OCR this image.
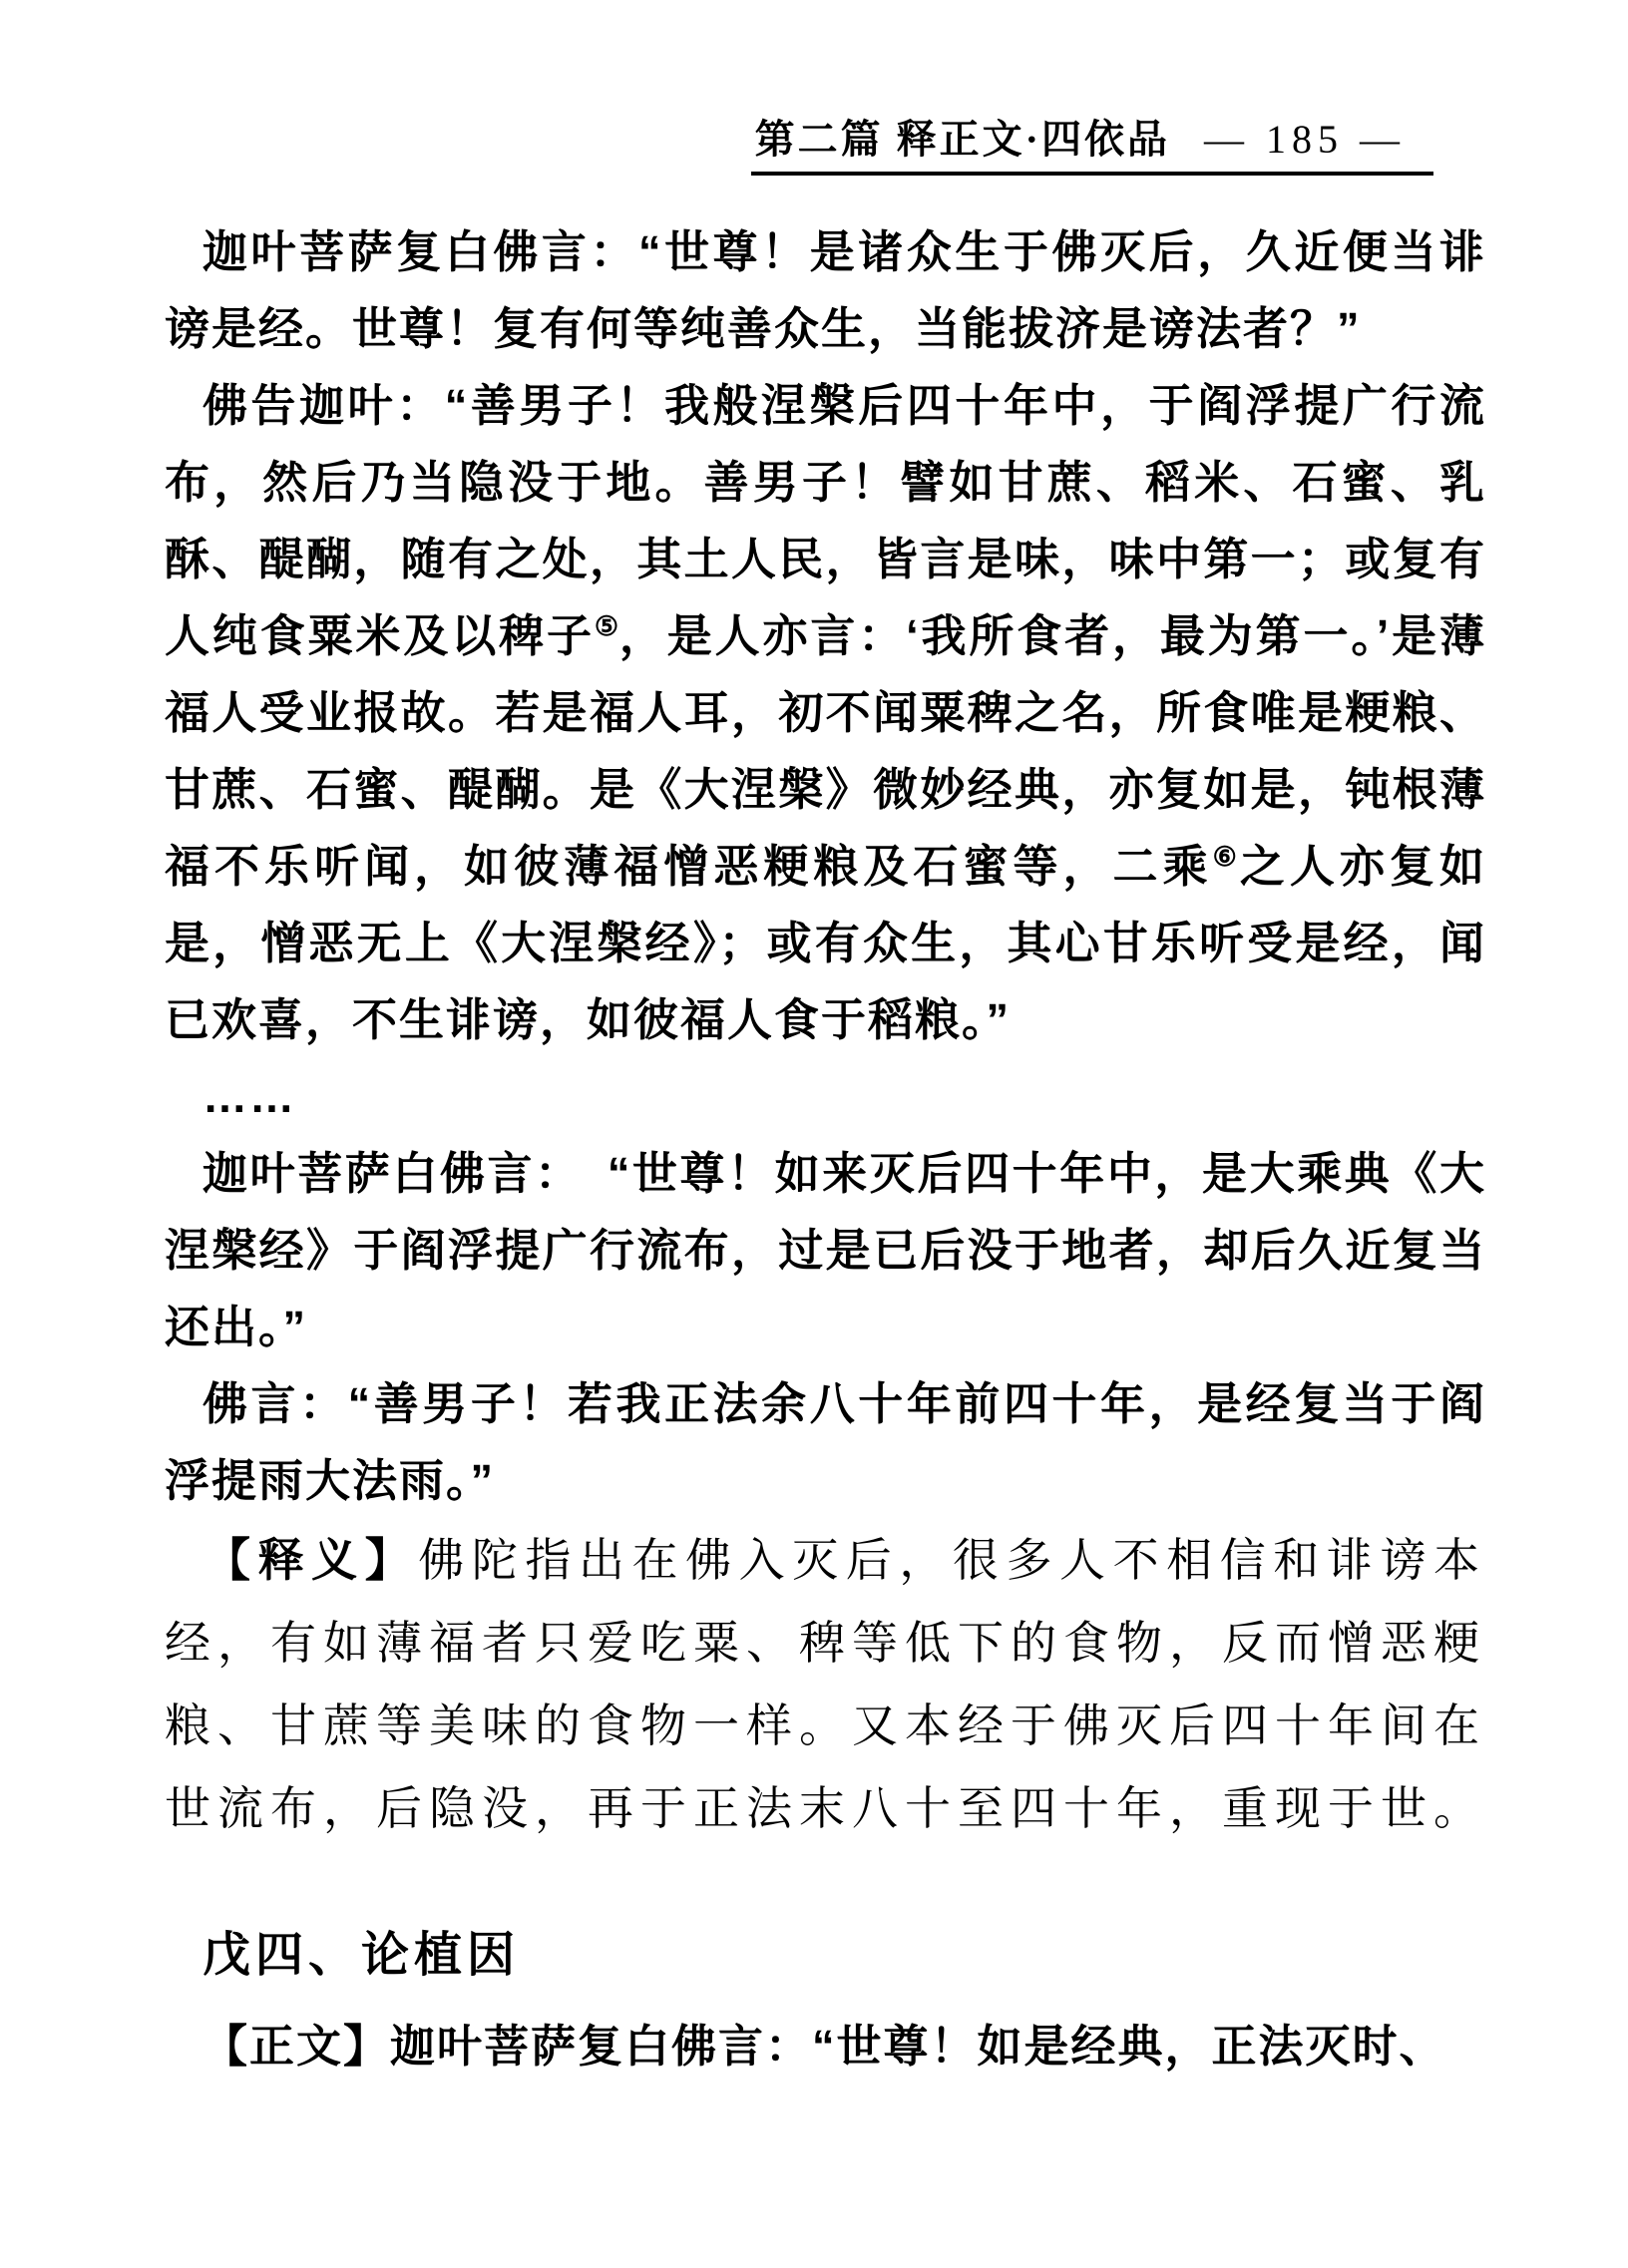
第二篇 释正文·四依品 — 185 —

迦叶菩萨复白佛言：“世尊！是诸众生于佛灭后，久近便当诽谤是经。世尊！复有何等纯善众生，当能拔济是谤法者？”

佛告迦叶：“善男子！我般涅槃后四十年中，于阎浮提广行流布，然后乃当隐没于地。善男子！譬如甘蔗、稻米、石蜜、乳酥、醍醐，随有之处，其土人民，皆言是味，味中第一；或复有人纯食粟米及以稗子⑤，是人亦言：‘我所食者，最为第一。’是薄福人受业报故。若是福人耳，初不闻粟稗之名，所食唯是粳粮、甘蔗、石蜜、醍醐。是《大涅槃》微妙经典，亦复如是，钝根薄福不乐听闻，如彼薄福憎恶粳粮及石蜜等，二乘⑥之人亦复如是，憎恶无上《大涅槃经》；或有众生，其心甘乐听受是经，闻已欢喜，不生诽谤，如彼福人食于稻粮。”

……

迦叶菩萨白佛言：　“世尊！如来灭后四十年中，是大乘典《大涅槃经》于阎浮提广行流布，过是已后没于地者，却后久近复当还出。”

佛言：“善男子！若我正法余八十年前四十年，是经复当于阎浮提雨大法雨。”

【释义】佛陀指出在佛入灭后，很多人不相信和诽谤本经，有如薄福者只爱吃粟、稗等低下的食物，反而憎恶粳粮、甘蔗等美味的食物一样。又本经于佛灭后四十年间在世流布，后隐没，再于正法末八十至四十年，重现于世。

戊四、论植因

【正文】迦叶菩萨复白佛言：“世尊！如是经典，正法灭时、
